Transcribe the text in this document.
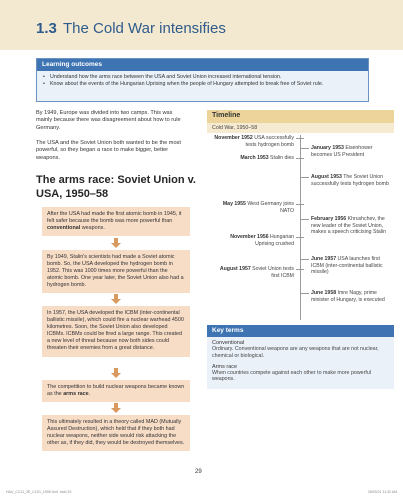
1.3 The Cold War intensifies
Learning outcomes
• Understand how the arms race between the USA and Soviet Union increased international tension.
• Know about the events of the Hungarian Uprising when the people of Hungary attempted to break free of Soviet rule.
By 1949, Europe was divided into two camps. This was mainly because there was disagreement about how to rule Germany.
The USA and the Soviet Union both wanted to be the most powerful, so they began a race to make bigger, better weapons.
The arms race: Soviet Union v. USA, 1950–58
After the USA had made the first atomic bomb in 1945, it felt safer because the bomb was more powerful than conventional weapons.
By 1949, Stalin's scientists had made a Soviet atomic bomb. So, the USA developed the hydrogen bomb in 1952. This was 1000 times more powerful than the atomic bomb. One year later, the Soviet Union also had a hydrogen bomb.
In 1957, the USA developed the ICBM (inter-continental ballistic missile), which could fire a nuclear warhead 4500 kilometres. Soon, the Soviet Union also developed ICBMs. ICBMs could be fired a large range. This created a new level of threat because now both sides could threaten their enemies from a great distance.
The competition to build nuclear weapons became known as the arms race.
This ultimately resulted in a theory called MAD (Mutually Assured Destruction), which held that if they both had nuclear weapons, neither side would risk attacking the other as, if they did, they would be destroyed themselves.
Timeline
Cold War, 1950–58
November 1952 USA successfully tests hydrogen bomb
March 1953 Stalin dies
May 1955 West Germany joins NATO
November 1956 Hungarian Uprising crushed
August 1957 Soviet Union tests first ICBM
January 1953 Eisenhower becomes US President
August 1953 The Soviet Union successfully tests hydrogen bomb
February 1956 Khrushchev, the new leader of the Soviet Union, makes a speech criticising Stalin
June 1957 USA launches first ICBM (inter-continental ballistic missile)
June 1958 Imre Nagy, prime minister of Hungary, is executed
Key terms
Conventional
Ordinary. Conventional weapons are any weapons that are not nuclear, chemical or biological.
Arms race
When countries compete against each other to make more powerful weapons.
29
HAU_CC11_2E_CLS1_1596 Unit .indd 29	26/03/21 11:32 AM
